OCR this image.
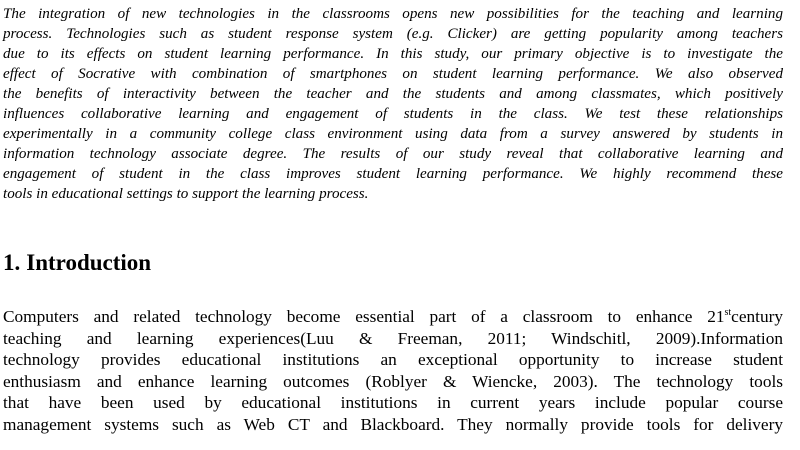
The integration of new technologies in the classrooms opens new possibilities for the teaching and learning
process. Technologies such as student response system (e.g. Clicker) are getting popularity among teachers
due to its effects on student learning performance. In this study, our primary objective is to investigate the
effect of Socrative with combination of smartphones on student learning performance. We also observed
the benefits of interactivity between the teacher and the students and among classmates, which positively
influences collaborative learning and engagement of students in the class. We test these relationships
experimentally in a community college class environment using data from a survey answered by students in
information technology associate degree. The results of our study reveal that collaborative learning and
engagement of student in the class improves student learning performance. We highly recommend these
tools in educational settings to support the learning process.
1. Introduction
Computers and related technology become essential part of a classroom to enhance 21stcentury
teaching and learning experiences(Luu & Freeman, 2011; Windschitl, 2009).Information
technology provides educational institutions an exceptional opportunity to increase student
enthusiasm and enhance learning outcomes (Roblyer & Wiencke, 2003). The technology tools
that have been used by educational institutions in current years include popular course
management systems such as Web CT and Blackboard. They normally provide tools for delivery
